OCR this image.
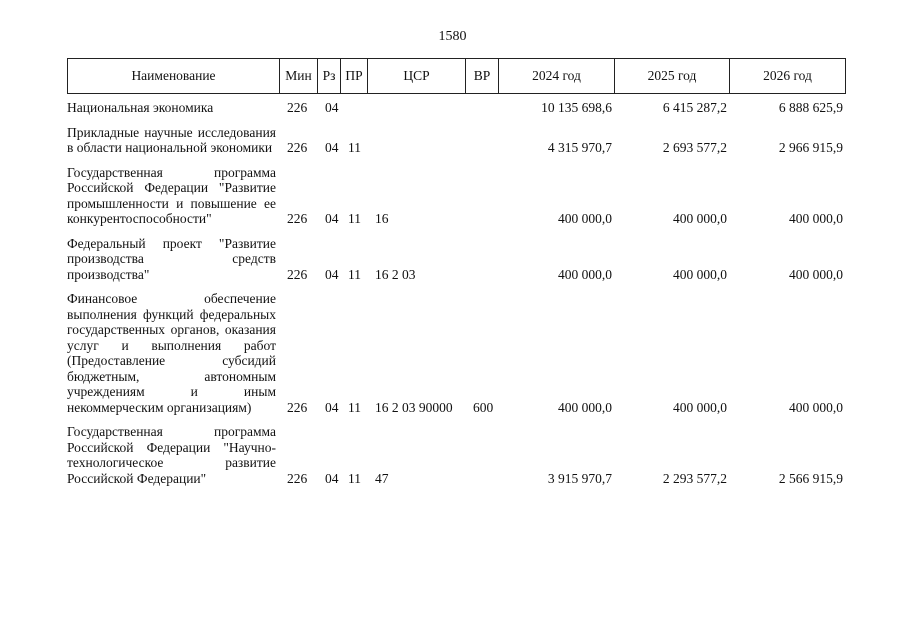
1580
Наименование	Мин	Рз	ПР	ЦСР	ВР	2024 год	2025 год	2026 год
Национальная экономика	226	04				10 135 698,6	6 415 287,2	6 888 625,9

Прикладные научные исследования в области национальной экономики	226	04	11			4 315 970,7	2 693 577,2	2 966 915,9

Государственная программа Российской Федерации "Развитие промышленности и повышение ее конкурентоспособности"	226	04	11	16		400 000,0	400 000,0	400 000,0

Федеральный проект "Развитие производства средств производства"	226	04	11	16 2 03		400 000,0	400 000,0	400 000,0

Финансовое обеспечение выполнения функций федеральных государственных органов, оказания услуг и выполнения работ (Предоставление субсидий бюджетным, автономным учреждениям и иным некоммерческим организациям)	226	04	11	16 2 03 90000	600	400 000,0	400 000,0	400 000,0

Государственная программа Российской Федерации "Научно-технологическое развитие Российской Федерации"	226	04	11	47		3 915 970,7	2 293 577,2	2 566 915,9
